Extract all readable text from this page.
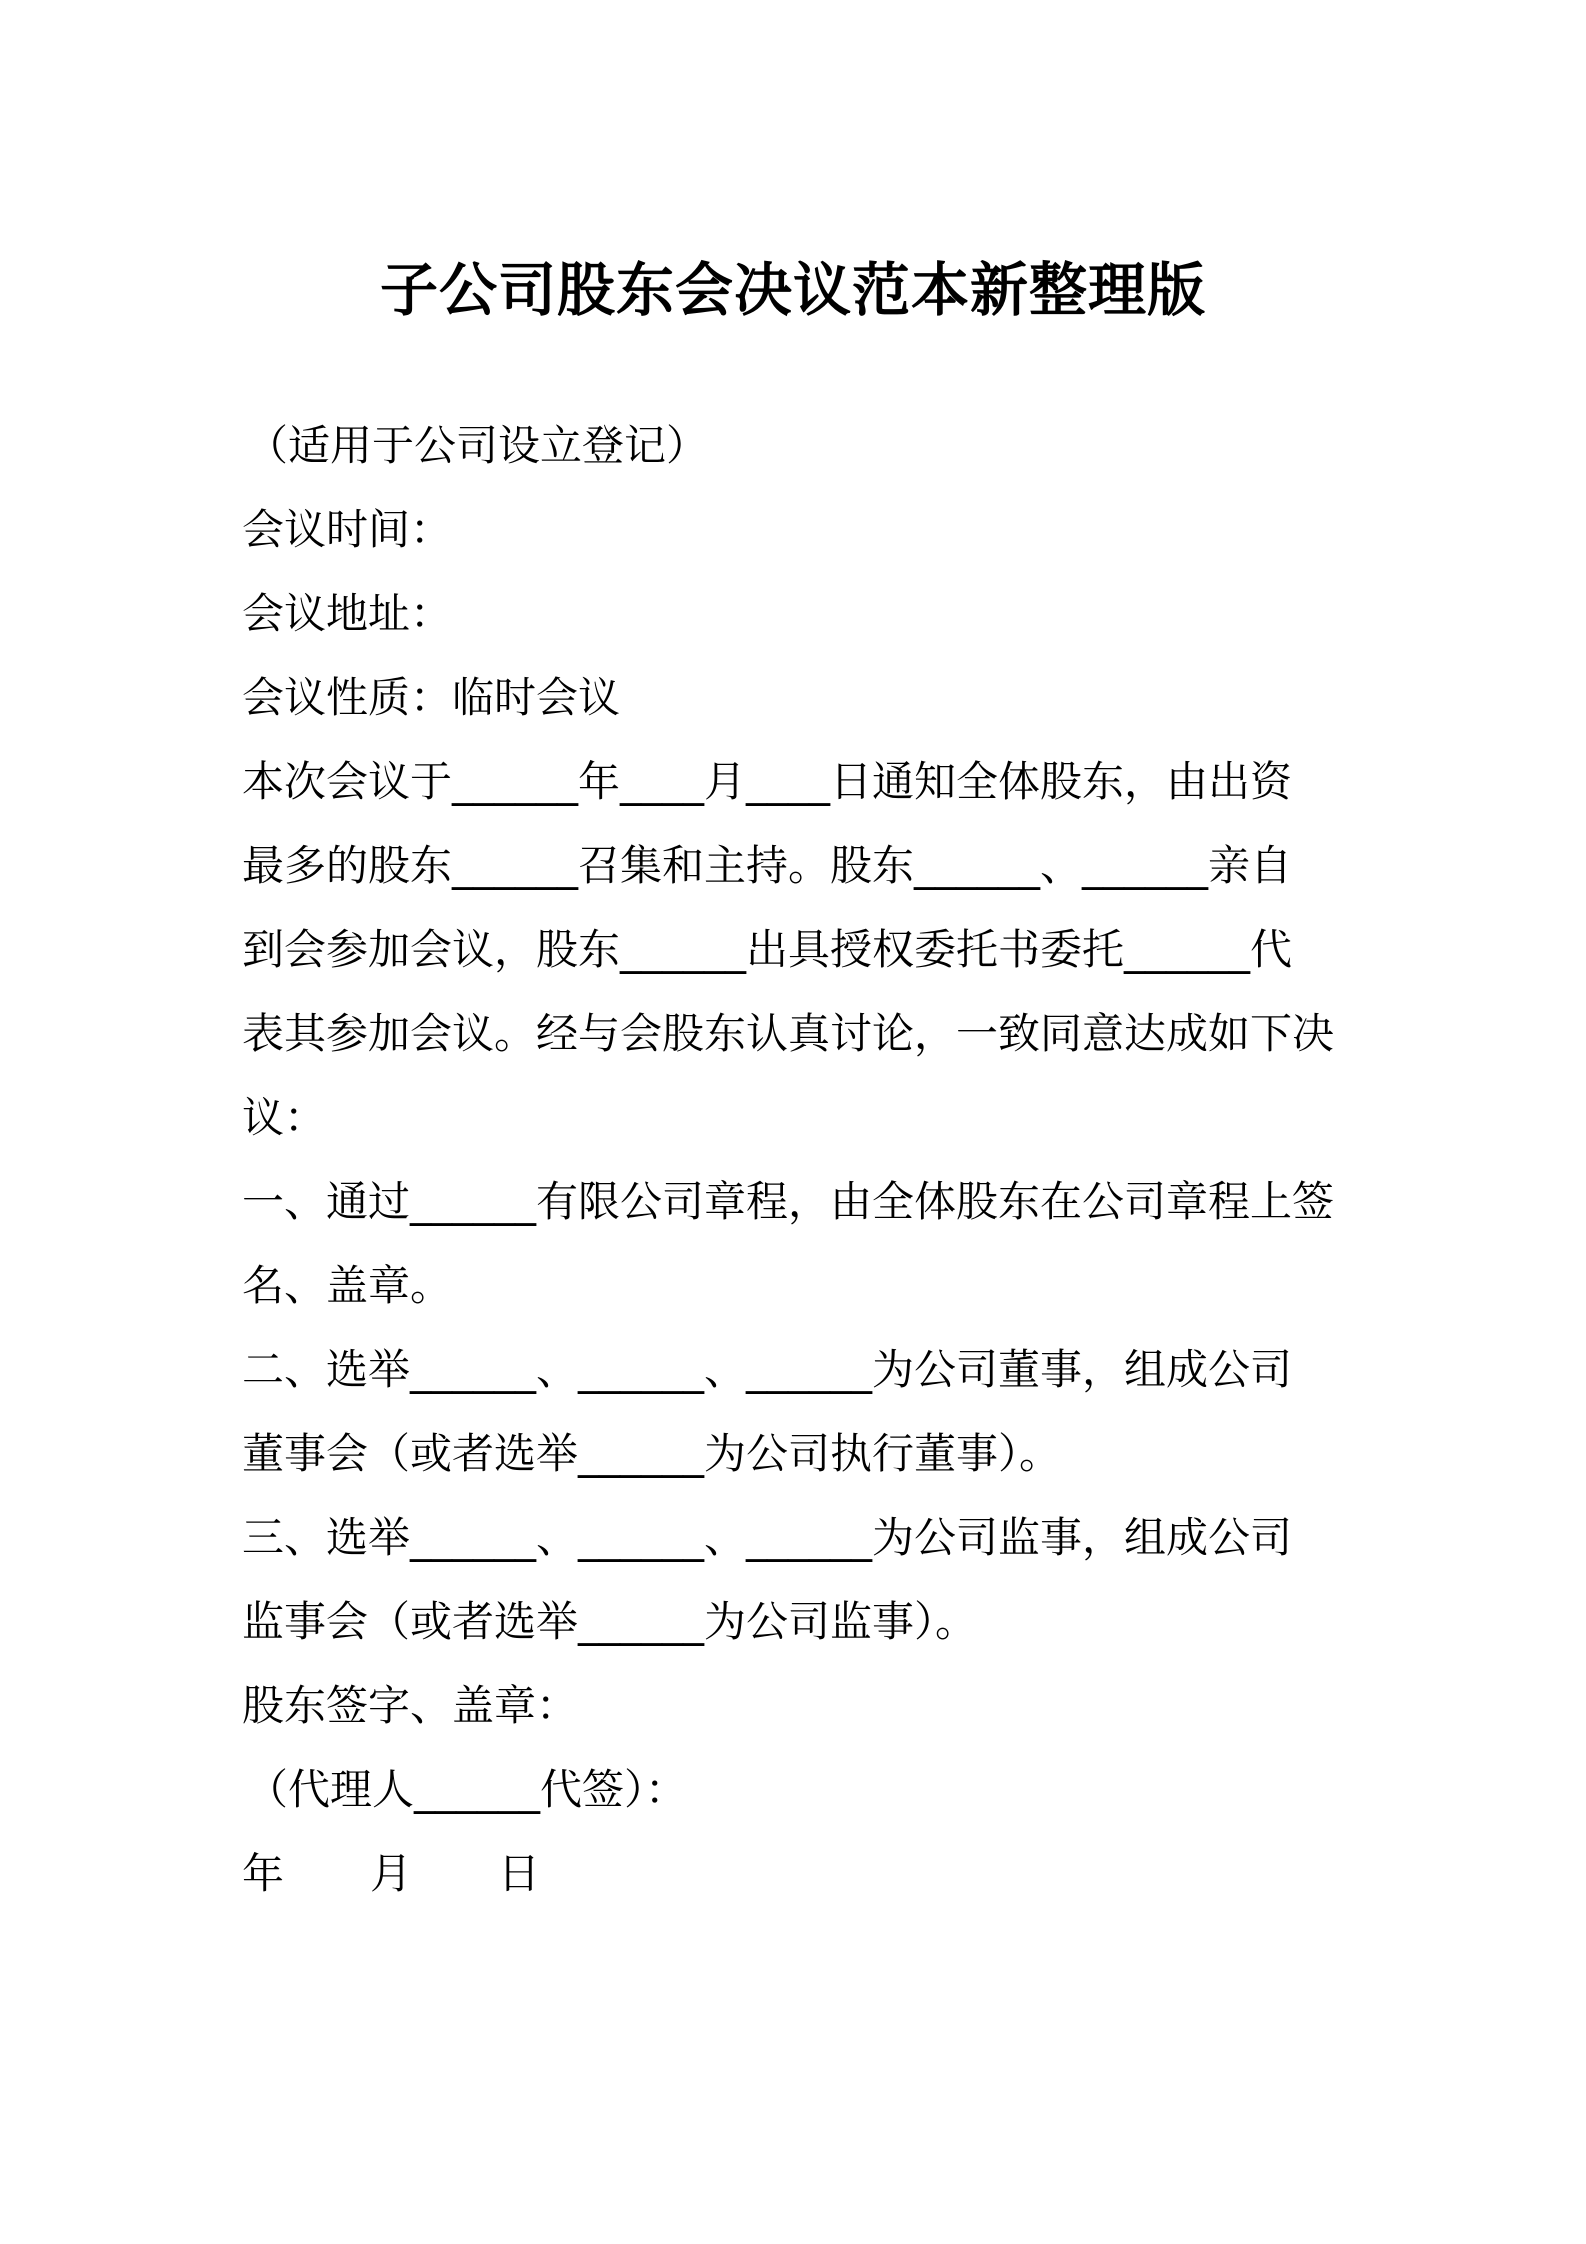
子公司股东会决议范本新整理版
（适用于公司设立登记）
会议时间：
会议地址：
会议性质：临时会议
本次会议于______年____月____日通知全体股东，由出资
最多的股东______召集和主持。股东______、______亲自
到会参加会议，股东______出具授权委托书委托______代
表其参加会议。经与会股东认真讨论，一致同意达成如下决
议：
一、通过______有限公司章程，由全体股东在公司章程上签
名、盖章。
二、选举______、______、______为公司董事，组成公司
董事会（或者选举______为公司执行董事）。
三、选举______、______、______为公司监事，组成公司
监事会（或者选举______为公司监事）。
股东签字、盖章：
（代理人______代签）：
年 月 日
